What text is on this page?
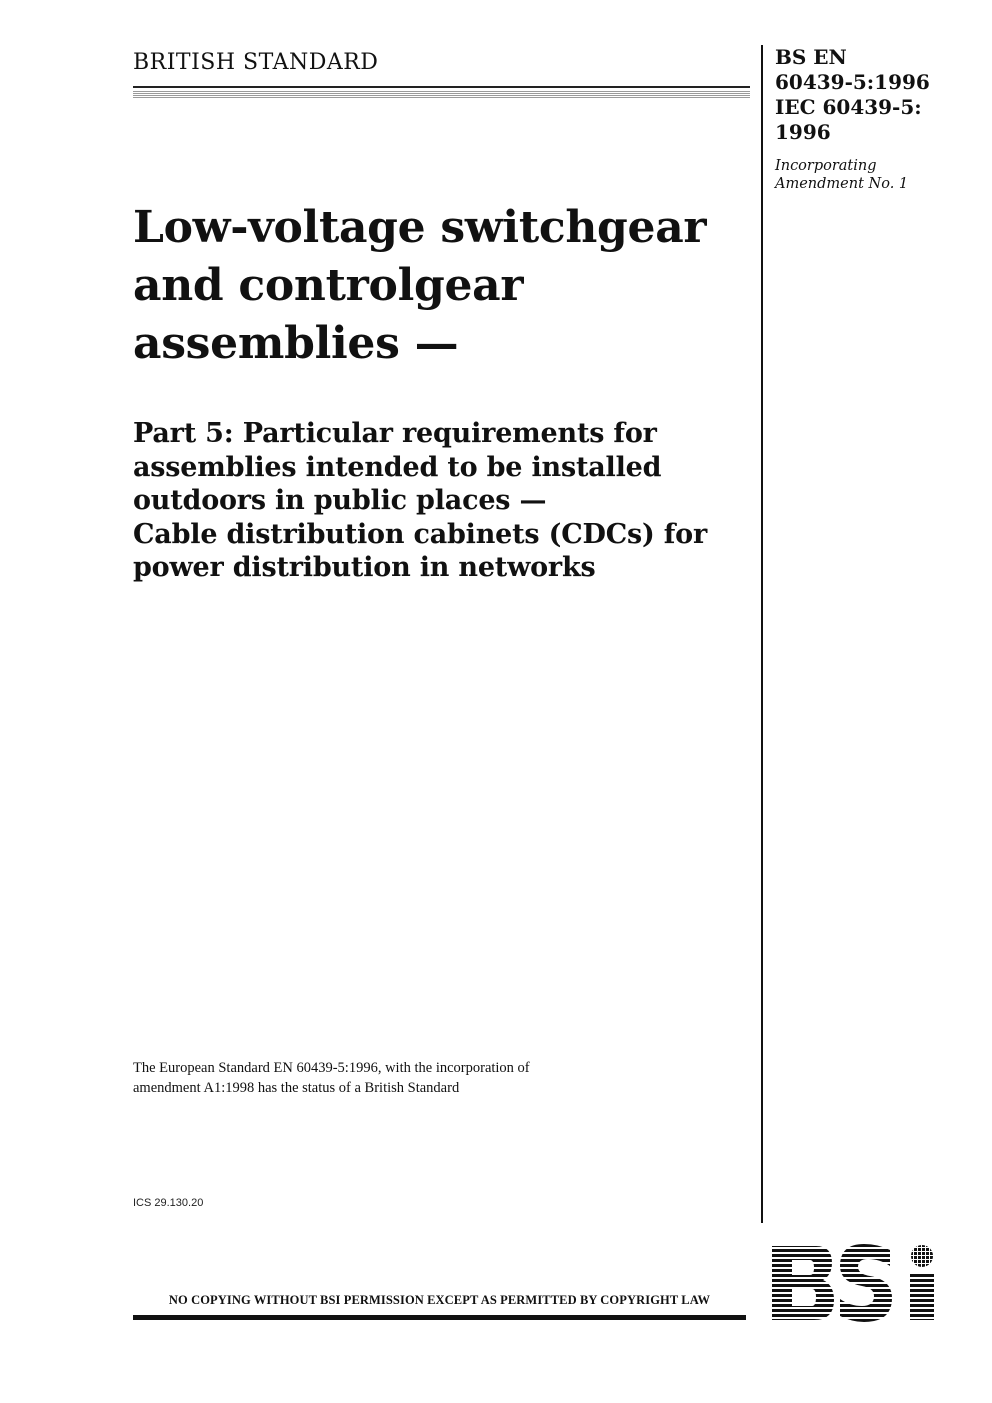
BRITISH STANDARD	BS EN
60439-5:1996
IEC 60439-5:
1996
Incorporating
Amendment No. 1
Low-voltage switchgear
and controlgear
assemblies —
Part 5: Particular requirements for
assemblies intended to be installed
outdoors in public places —
Cable distribution cabinets (CDCs) for
power distribution in networks
The European Standard EN 60439-5:1996, with the incorporation of
amendment A1:1998 has the status of a British Standard
ICS 29.130.20
NO COPYING WITHOUT BSI PERMISSION EXCEPT AS PERMITTED BY COPYRIGHT LAW
